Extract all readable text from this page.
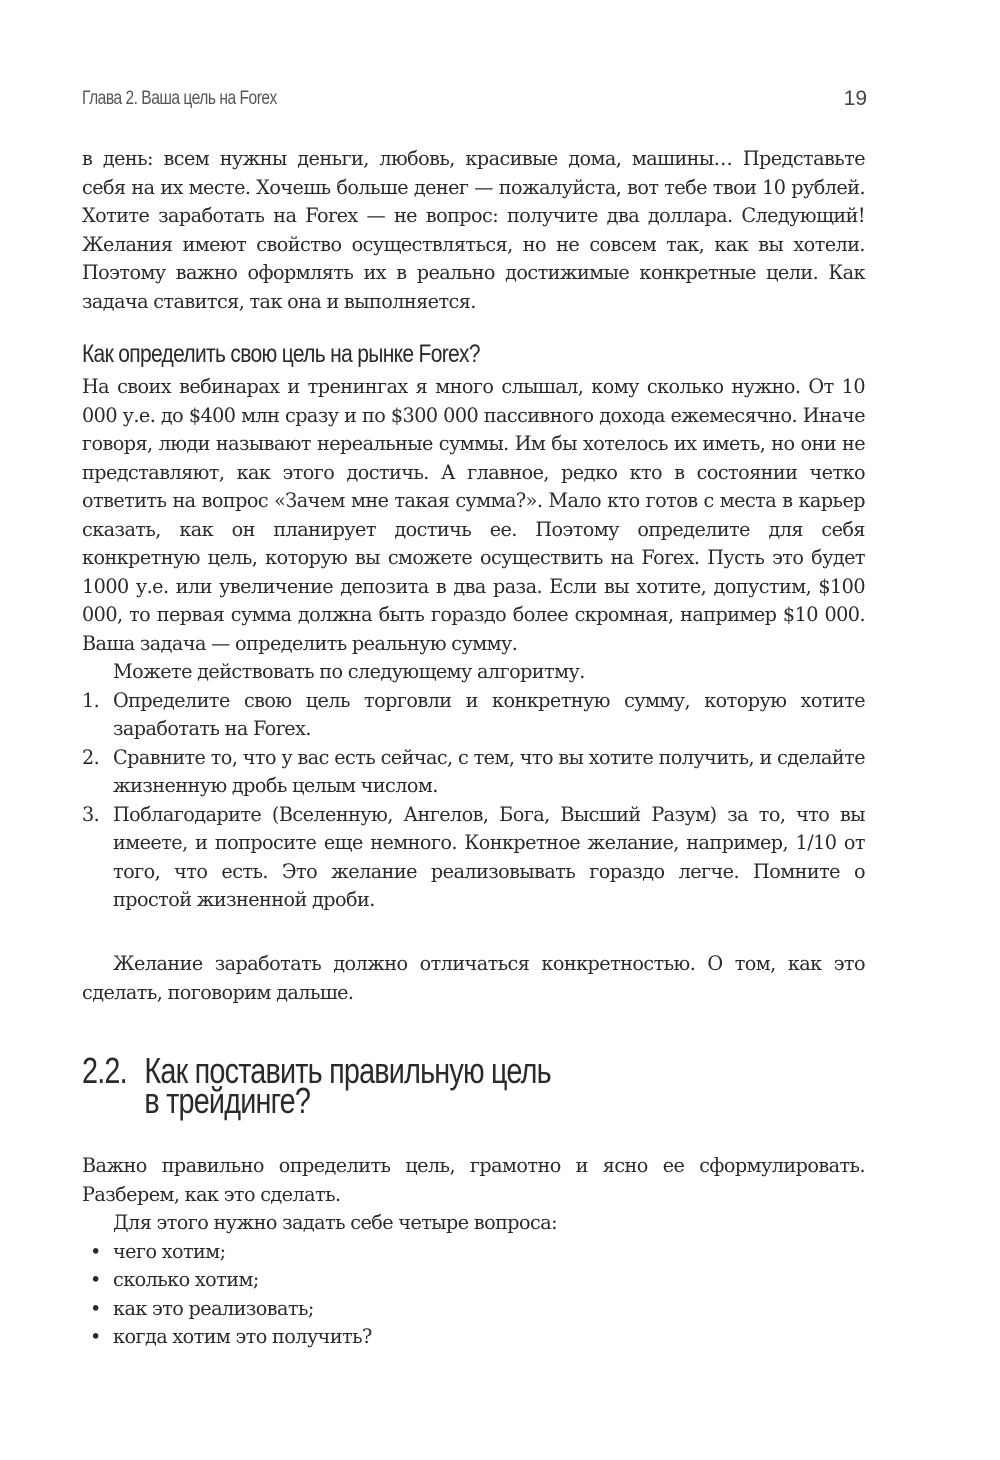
Глава 2. Ваша цель на Forex	19

в день: всем нужны деньги, любовь, красивые дома, машины… Представьте себя на их месте. Хочешь больше денег — пожалуйста, вот тебе твои 10 рублей. Хотите заработать на Forex — не вопрос: получите два доллара. Следующий! Желания имеют свойство осуществляться, но не совсем так, как вы хотели. Поэтому важно оформлять их в реально достижимые конкретные цели. Как задача ставится, так она и выполняется.

Как определить свою цель на рынке Forex?

На своих вебинарах и тренингах я много слышал, кому сколько нужно. От 10 000 у.е. до $400 млн сразу и по $300 000 пассивного дохода ежемесячно. Иначе говоря, люди называют нереальные суммы. Им бы хотелось их иметь, но они не представляют, как этого достичь. А главное, редко кто в состоянии четко ответить на вопрос «Зачем мне такая сумма?». Мало кто готов с места в карьер сказать, как он планирует достичь ее. Поэтому определите для себя конкретную цель, которую вы сможете осуществить на Forex. Пусть это будет 1000 у.е. или увеличение депозита в два раза. Если вы хотите, допустим, $100 000, то первая сумма должна быть гораздо более скромная, например $10 000. Ваша задача — определить реальную сумму.

Можете действовать по следующему алгоритму.

1. Определите свою цель торговли и конкретную сумму, которую хотите заработать на Forex.
2. Сравните то, что у вас есть сейчас, с тем, что вы хотите получить, и сделайте жизненную дробь целым числом.
3. Поблагодарите (Вселенную, Ангелов, Бога, Высший Разум) за то, что вы имеете, и попросите еще немного. Конкретное желание, например, 1/10 от того, что есть. Это желание реализовывать гораздо легче. Помните о простой жизненной дроби.

Желание заработать должно отличаться конкретностью. О том, как это сделать, поговорим дальше.

2.2. Как поставить правильную цель
в трейдинге?

Важно правильно определить цель, грамотно и ясно ее сформулировать. Разберем, как это сделать.

Для этого нужно задать себе четыре вопроса:

• чего хотим;
• сколько хотим;
• как это реализовать;
• когда хотим это получить?
